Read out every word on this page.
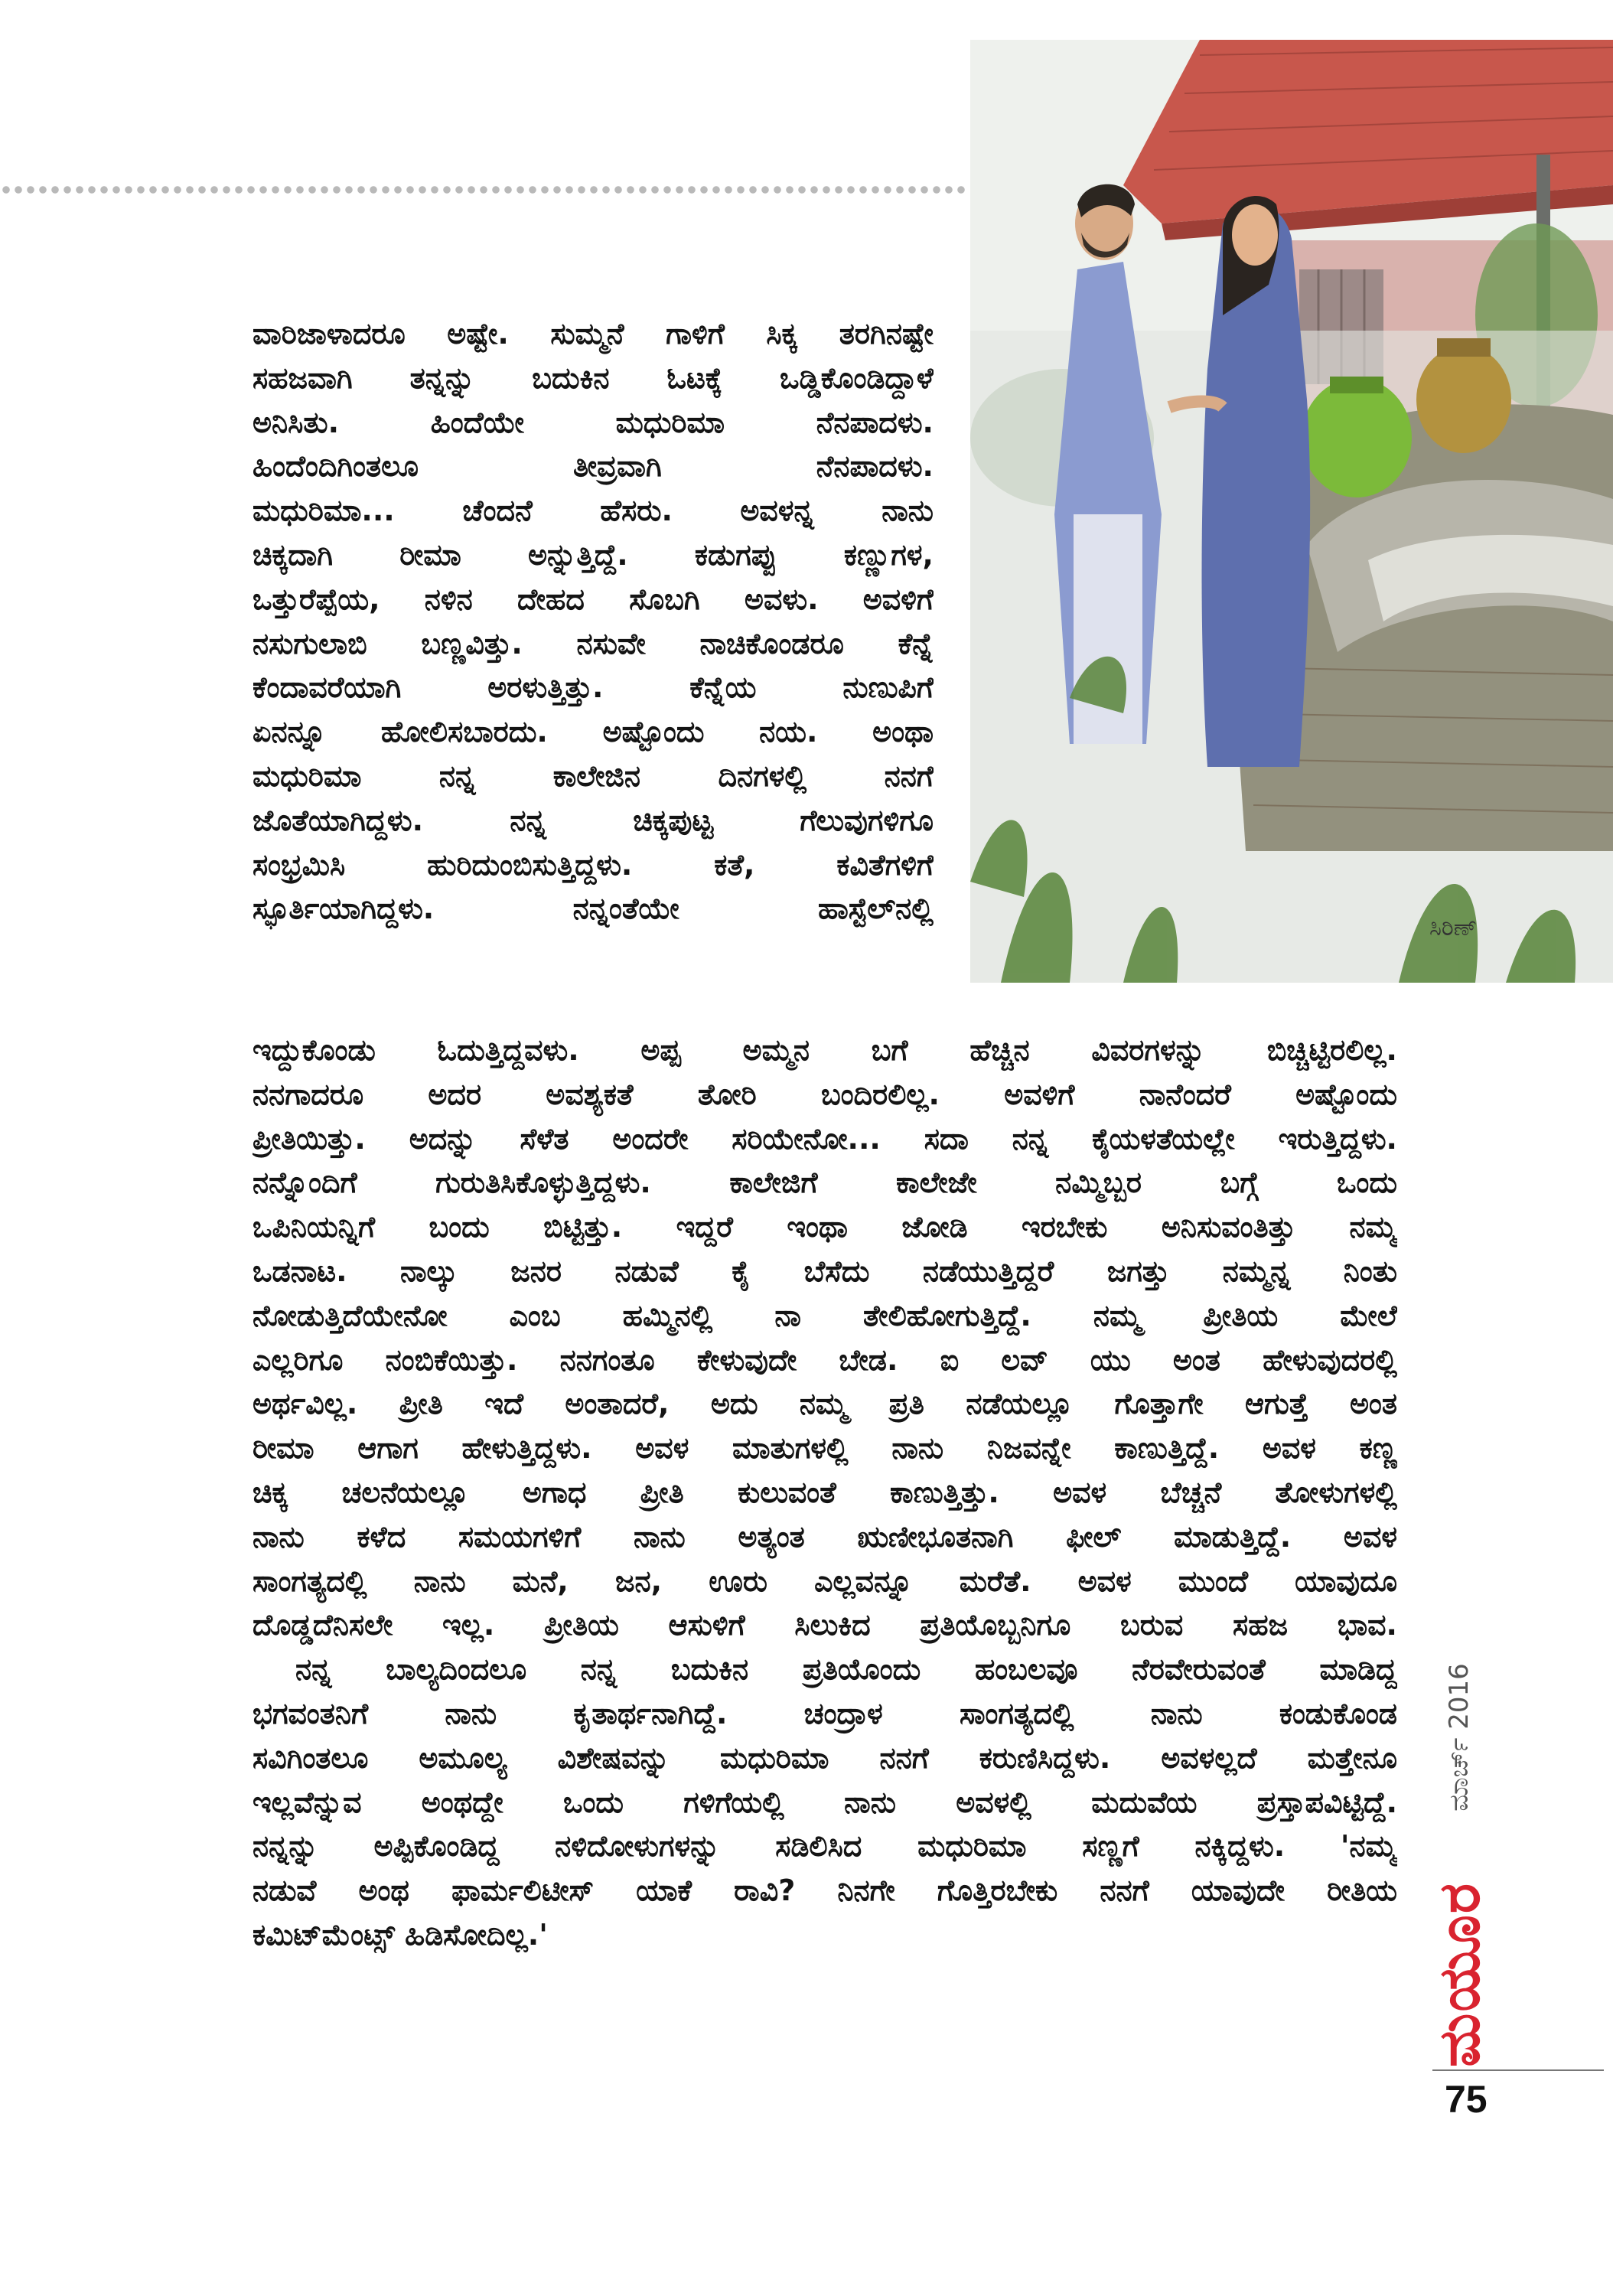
ಸಿರಿಣ್
ವಾರಿಜಾಳಾದರೂ ಅಷ್ಟೇ. ಸುಮ್ಮನೆ ಗಾಳಿಗೆ ಸಿಕ್ಕ ತರಗಿನಷ್ಟೇ
ಸಹಜವಾಗಿ ತನ್ನನ್ನು ಬದುಕಿನ ಓಟಕ್ಕೆ ಒಡ್ಡಿಕೊಂಡಿದ್ದಾಳೆ
ಅನಿಸಿತು. ಹಿಂದೆಯೇ ಮಧುರಿಮಾ ನೆನಪಾದಳು.
ಹಿಂದೆಂದಿಗಿಂತಲೂ ತೀವ್ರವಾಗಿ ನೆನಪಾದಳು.
ಮಧುರಿಮಾ... ಚೆಂದನೆ ಹೆಸರು. ಅವಳನ್ನ ನಾನು
ಚಿಕ್ಕದಾಗಿ ರೀಮಾ ಅನ್ನುತ್ತಿದ್ದೆ. ಕಡುಗಪ್ಪು ಕಣ್ಣುಗಳ,
ಒತ್ತುರೆಪ್ಪೆಯ, ನಳಿನ ದೇಹದ ಸೊಬಗಿ ಅವಳು. ಅವಳಿಗೆ
ನಸುಗುಲಾಬಿ ಬಣ್ಣವಿತ್ತು. ನಸುವೇ ನಾಚಿಕೊಂಡರೂ ಕೆನ್ನೆ
ಕೆಂದಾವರೆಯಾಗಿ ಅರಳುತ್ತಿತ್ತು. ಕೆನ್ನೆಯ ನುಣುಪಿಗೆ
ಏನನ್ನೂ ಹೋಲಿಸಬಾರದು. ಅಷ್ಟೊಂದು ನಯ. ಅಂಥಾ
ಮಧುರಿಮಾ ನನ್ನ ಕಾಲೇಜಿನ ದಿನಗಳಲ್ಲಿ ನನಗೆ
ಜೊತೆಯಾಗಿದ್ದಳು. ನನ್ನ ಚಿಕ್ಕಪುಟ್ಟ ಗೆಲುವುಗಳಿಗೂ
ಸಂಭ್ರಮಿಸಿ ಹುರಿದುಂಬಿಸುತ್ತಿದ್ದಳು. ಕತೆ, ಕವಿತೆಗಳಿಗೆ
ಸ್ಫೂರ್ತಿಯಾಗಿದ್ದಳು. ನನ್ನಂತೆಯೇ ಹಾಸ್ಟೆಲ್‌ನಲ್ಲಿ
ಇದ್ದುಕೊಂಡು ಓದುತ್ತಿದ್ದವಳು. ಅಪ್ಪ ಅಮ್ಮನ ಬಗೆ ಹೆಚ್ಚಿನ ವಿವರಗಳನ್ನು ಬಿಚ್ಚಿಟ್ಟಿರಲಿಲ್ಲ.
ನನಗಾದರೂ ಅದರ ಅವಶ್ಯಕತೆ ತೋರಿ ಬಂದಿರಲಿಲ್ಲ. ಅವಳಿಗೆ ನಾನೆಂದರೆ ಅಷ್ಟೊಂದು
ಪ್ರೀತಿಯಿತ್ತು. ಅದನ್ನು ಸೆಳೆತ ಅಂದರೇ ಸರಿಯೇನೋ... ಸದಾ ನನ್ನ ಕೈಯಳತೆಯಲ್ಲೇ ಇರುತ್ತಿದ್ದಳು.
ನನ್ನೊಂದಿಗೆ ಗುರುತಿಸಿಕೊಳ್ಳುತ್ತಿದ್ದಳು. ಕಾಲೇಜಿಗೆ ಕಾಲೇಜೇ ನಮ್ಮಿಬ್ಬರ ಬಗ್ಗೆ ಒಂದು
ಒಪಿನಿಯನ್ನಿಗೆ ಬಂದು ಬಿಟ್ಟಿತ್ತು. ಇದ್ದರೆ ಇಂಥಾ ಜೋಡಿ ಇರಬೇಕು ಅನಿಸುವಂತಿತ್ತು ನಮ್ಮ
ಒಡನಾಟ. ನಾಲ್ಕು ಜನರ ನಡುವೆ ಕೈ ಬೆಸೆದು ನಡೆಯುತ್ತಿದ್ದರೆ ಜಗತ್ತು ನಮ್ಮನ್ನ ನಿಂತು
ನೋಡುತ್ತಿದೆಯೇನೋ ಎಂಬ ಹಮ್ಮಿನಲ್ಲಿ ನಾ ತೇಲಿಹೋಗುತ್ತಿದ್ದೆ. ನಮ್ಮ ಪ್ರೀತಿಯ ಮೇಲೆ
ಎಲ್ಲರಿಗೂ ನಂಬಿಕೆಯಿತ್ತು. ನನಗಂತೂ ಕೇಳುವುದೇ ಬೇಡ. ಐ ಲವ್ ಯು ಅಂತ ಹೇಳುವುದರಲ್ಲಿ
ಅರ್ಥವಿಲ್ಲ. ಪ್ರೀತಿ ಇದೆ ಅಂತಾದರೆ, ಅದು ನಮ್ಮ ಪ್ರತಿ ನಡೆಯಲ್ಲೂ ಗೊತ್ತಾಗೇ ಆಗುತ್ತೆ ಅಂತ
ರೀಮಾ ಆಗಾಗ ಹೇಳುತ್ತಿದ್ದಳು. ಅವಳ ಮಾತುಗಳಲ್ಲಿ ನಾನು ನಿಜವನ್ನೇ ಕಾಣುತ್ತಿದ್ದೆ. ಅವಳ ಕಣ್ಣ
ಚಿಕ್ಕ ಚಲನೆಯಲ್ಲೂ ಅಗಾಧ ಪ್ರೀತಿ ಕುಲುವಂತೆ ಕಾಣುತ್ತಿತ್ತು. ಅವಳ ಬೆಚ್ಚನೆ ತೋಳುಗಳಲ್ಲಿ
ನಾನು ಕಳೆದ ಸಮಯಗಳಿಗೆ ನಾನು ಅತ್ಯಂತ ಋಣೀಭೂತನಾಗಿ ಫೀಲ್ ಮಾಡುತ್ತಿದ್ದೆ. ಅವಳ
ಸಾಂಗತ್ಯದಲ್ಲಿ ನಾನು ಮನೆ, ಜನ, ಊರು ಎಲ್ಲವನ್ನೂ ಮರೆತೆ. ಅವಳ ಮುಂದೆ ಯಾವುದೂ
ದೊಡ್ಡದೆನಿಸಲೇ ಇಲ್ಲ. ಪ್ರೀತಿಯ ಆಸುಳಿಗೆ ಸಿಲುಕಿದ ಪ್ರತಿಯೊಬ್ಬನಿಗೂ ಬರುವ ಸಹಜ ಭಾವ.
ನನ್ನ ಬಾಲ್ಯದಿಂದಲೂ ನನ್ನ ಬದುಕಿನ ಪ್ರತಿಯೊಂದು ಹಂಬಲವೂ ನೆರವೇರುವಂತೆ ಮಾಡಿದ್ದ
ಭಗವಂತನಿಗೆ ನಾನು ಕೃತಾರ್ಥನಾಗಿದ್ದೆ. ಚಂದ್ರಾಳ ಸಾಂಗತ್ಯದಲ್ಲಿ ನಾನು ಕಂಡುಕೊಂಡ
ಸವಿಗಿಂತಲೂ ಅಮೂಲ್ಯ ವಿಶೇಷವನ್ನು ಮಧುರಿಮಾ ನನಗೆ ಕರುಣಿಸಿದ್ದಳು. ಅವಳಲ್ಲದೆ ಮತ್ತೇನೂ
ಇಲ್ಲವೆನ್ನುವ ಅಂಥದ್ದೇ ಒಂದು ಗಳಿಗೆಯಲ್ಲಿ ನಾನು ಅವಳಲ್ಲಿ ಮದುವೆಯ ಪ್ರಸ್ತಾಪವಿಟ್ಟಿದ್ದೆ.
ನನ್ನನ್ನು ಅಪ್ಪಿಕೊಂಡಿದ್ದ ನಳಿದೋಳುಗಳನ್ನು ಸಡಿಲಿಸಿದ ಮಧುರಿಮಾ ಸಣ್ಣಗೆ ನಕ್ಕಿದ್ದಳು. 'ನಮ್ಮ
ನಡುವೆ ಅಂಥ ಫಾರ್ಮಲಿಟೀಸ್ ಯಾಕೆ ರಾವಿ? ನಿನಗೇ ಗೊತ್ತಿರಬೇಕು ನನಗೆ ಯಾವುದೇ ರೀತಿಯ
ಕಮಿಟ್‌ಮೆಂಟ್ಸ್ ಹಿಡಿಸೋದಿಲ್ಲ.'
ಮಾರ್ಚ್ 2016
ಮಯೂರ
75
